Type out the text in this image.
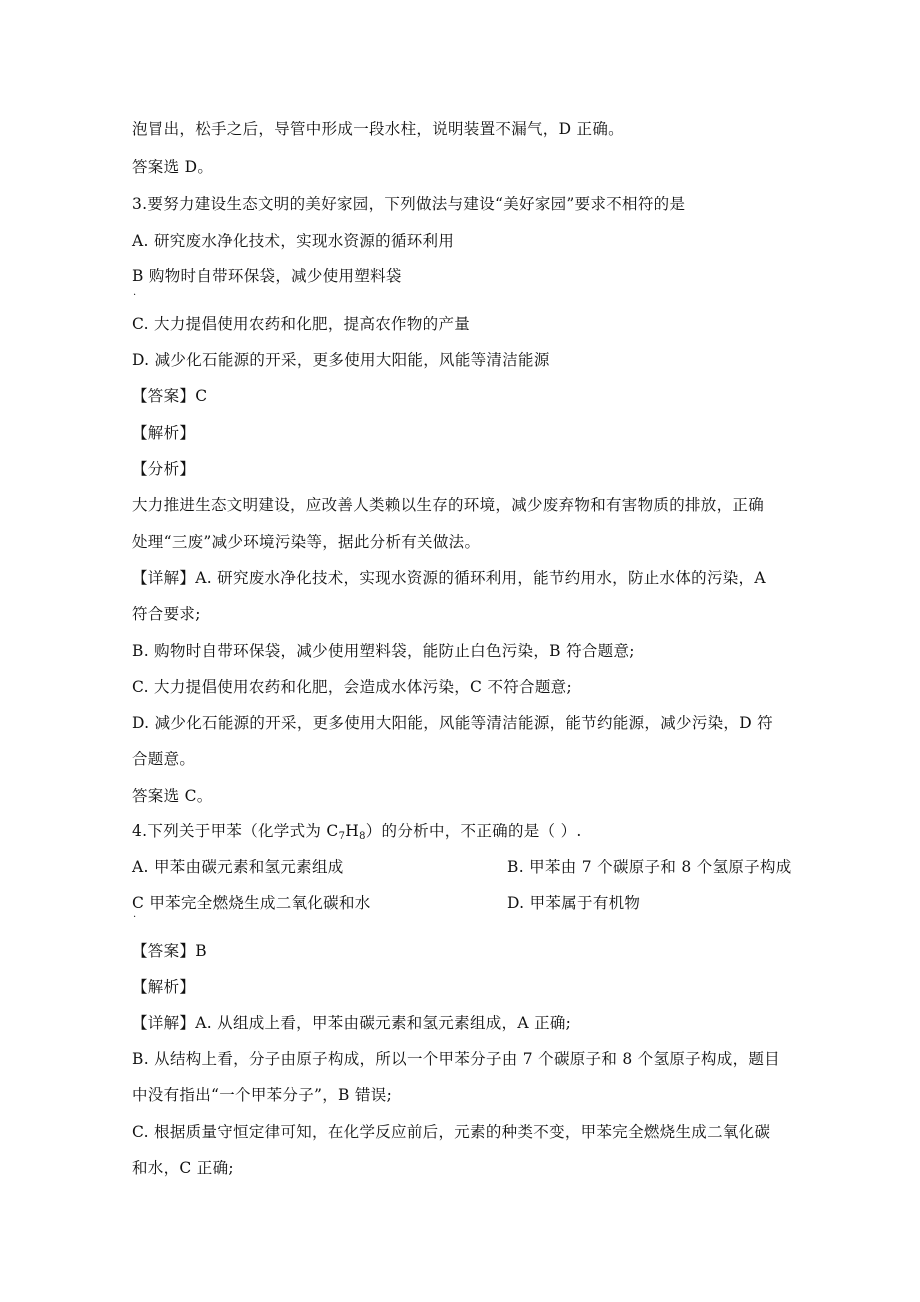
泡冒出，松手之后，导管中形成一段水柱，说明装置不漏气，D 正确。
答案选 D。
3.要努力建设生态文明的美好家园，下列做法与建设“美好家园”要求不相符的是
A. 研究废水净化技术，实现水资源的循环利用
B 购物时自带环保袋，减少使用塑料袋
.
C. 大力提倡使用农药和化肥，提高农作物的产量
D. 减少化石能源的开采，更多使用大阳能，风能等清洁能源
【答案】C
【解析】
【分析】
大力推进生态文明建设，应改善人类赖以生存的环境，减少废弃物和有害物质的排放，正确
处理“三废”减少环境污染等，据此分析有关做法。
【详解】A. 研究废水净化技术，实现水资源的循环利用，能节约用水，防止水体的污染，A
符合要求;
B. 购物时自带环保袋，减少使用塑料袋，能防止白色污染，B 符合题意;
C. 大力提倡使用农药和化肥，会造成水体污染，C 不符合题意;
D. 减少化石能源的开采，更多使用大阳能，风能等清洁能源，能节约能源，减少污染，D 符
合题意。
答案选 C。
4.下列关于甲苯（化学式为 $C_7H_8$）的分析中，不正确的是（ ）.
A. 甲苯由碳元素和氢元素组成	B. 甲苯由 7 个碳原子和 8 个氢原子构成
C 甲苯完全燃烧生成二氧化碳和水	D. 甲苯属于有机物
.
【答案】B
【解析】
【详解】A. 从组成上看，甲苯由碳元素和氢元素组成，A 正确;
B. 从结构上看，分子由原子构成，所以一个甲苯分子由 7 个碳原子和 8 个氢原子构成，题目
中没有指出“一个甲苯分子”，B 错误;
C. 根据质量守恒定律可知，在化学反应前后，元素的种类不变，甲苯完全燃烧生成二氧化碳
和水，C 正确;
